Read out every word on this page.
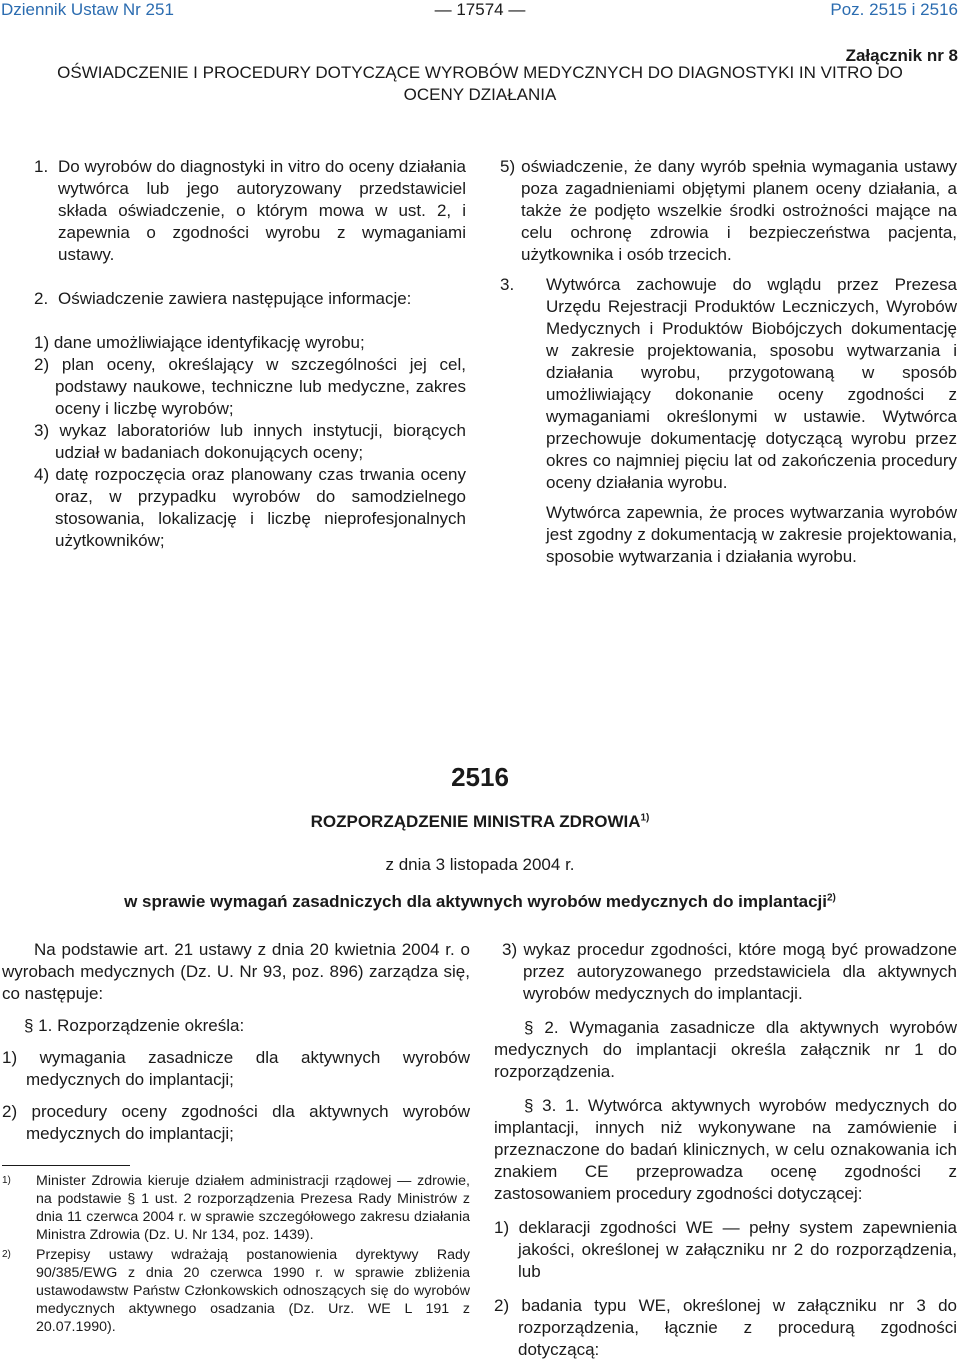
Dziennik Ustaw Nr 251	— 17574 —	Poz. 2515 i 2516
Załącznik nr 8
OŚWIADCZENIE I PROCEDURY DOTYCZĄCE WYROBÓW MEDYCZNYCH DO DIAGNOSTYKI IN VITRO DO OCENY DZIAŁANIA
1. Do wyrobów do diagnostyki in vitro do oceny działania wytwórca lub jego autoryzowany przedstawiciel składa oświadczenie, o którym mowa w ust. 2, i zapewnia o zgodności wyrobu z wymaganiami ustawy.
2. Oświadczenie zawiera następujące informacje:

1) dane umożliwiające identyfikację wyrobu;

2) plan oceny, określający w szczególności jej cel, podstawy naukowe, techniczne lub medyczne, zakres oceny i liczbę wyrobów;

3) wykaz laboratoriów lub innych instytucji, biorących udział w badaniach dokonujących oceny;

4) datę rozpoczęcia oraz planowany czas trwania oceny oraz, w przypadku wyrobów do samodzielnego stosowania, lokalizację i liczbę nieprofesjonalnych użytkowników;

5) oświadczenie, że dany wyrób spełnia wymagania ustawy poza zagadnieniami objętymi planem oceny działania, a także że podjęto wszelkie środki ostrożności mające na celu ochronę zdrowia i bezpieczeństwa pacjenta, użytkownika i osób trzecich.

3.	Wytwórca zachowuje do wglądu przez Prezesa Urzędu Rejestracji Produktów Leczniczych, Wyrobów Medycznych i Produktów Biobójczych dokumentację w zakresie projektowania, sposobu wytwarzania i działania wyrobu, przygotowaną w sposób umożliwiający dokonanie oceny zgodności z wymaganiami określonymi w ustawie. Wytwórca przechowuje dokumentację dotyczącą wyrobu przez okres co najmniej pięciu lat od zakończenia procedury oceny działania wyrobu.

Wytwórca zapewnia, że proces wytwarzania wyrobów jest zgodny z dokumentacją w zakresie projektowania, sposobie wytwarzania i działania wyrobu.

2516
ROZPORZĄDZENIE MINISTRA ZDROWIA$^{1)}$
z dnia 3 listopada 2004 r.
w sprawie wymagań zasadniczych dla aktywnych wyrobów medycznych do implantacji$^{2)}$

Na podstawie art. 21 ustawy z dnia 20 kwietnia 2004 r. o wyrobach medycznych (Dz. U. Nr 93, poz. 896) zarządza się, co następuje:

§ 1. Rozporządzenie określa:

1) wymagania zasadnicze dla aktywnych wyrobów medycznych do implantacji;

2) procedury oceny zgodności dla aktywnych wyrobów medycznych do implantacji;

3) wykaz procedur zgodności, które mogą być prowadzone przez autoryzowanego przedstawiciela dla aktywnych wyrobów medycznych do implantacji.

§ 2. Wymagania zasadnicze dla aktywnych wyrobów medycznych do implantacji określa załącznik nr 1 do rozporządzenia.

§ 3. 1. Wytwórca aktywnych wyrobów medycznych do implantacji, innych niż wykonywane na zamówienie i przeznaczone do badań klinicznych, w celu oznakowania ich znakiem CE przeprowadza ocenę zgodności z zastosowaniem procedury zgodności dotyczącej:

1) deklaracji zgodności WE — pełny system zapewnienia jakości, określonej w załączniku nr 2 do rozporządzenia, lub

2) badania typu WE, określonej w załączniku nr 3 do rozporządzenia, łącznie z procedurą zgodności dotyczącą:

1)	Minister Zdrowia kieruje działem administracji rządowej — zdrowie, na podstawie § 1 ust. 2 rozporządzenia Prezesa Rady Ministrów z dnia 11 czerwca 2004 r. w sprawie szczegółowego zakresu działania Ministra Zdrowia (Dz. U. Nr 134, poz. 1439).
2)	Przepisy ustawy wdrażają postanowienia dyrektywy Rady 90/385/EWG z dnia 20 czerwca 1990 r. w sprawie zbliżenia ustawodawstw Państw Członkowskich odnoszących się do wyrobów medycznych aktywnego osadzania (Dz. Urz. WE L 191 z 20.07.1990).
